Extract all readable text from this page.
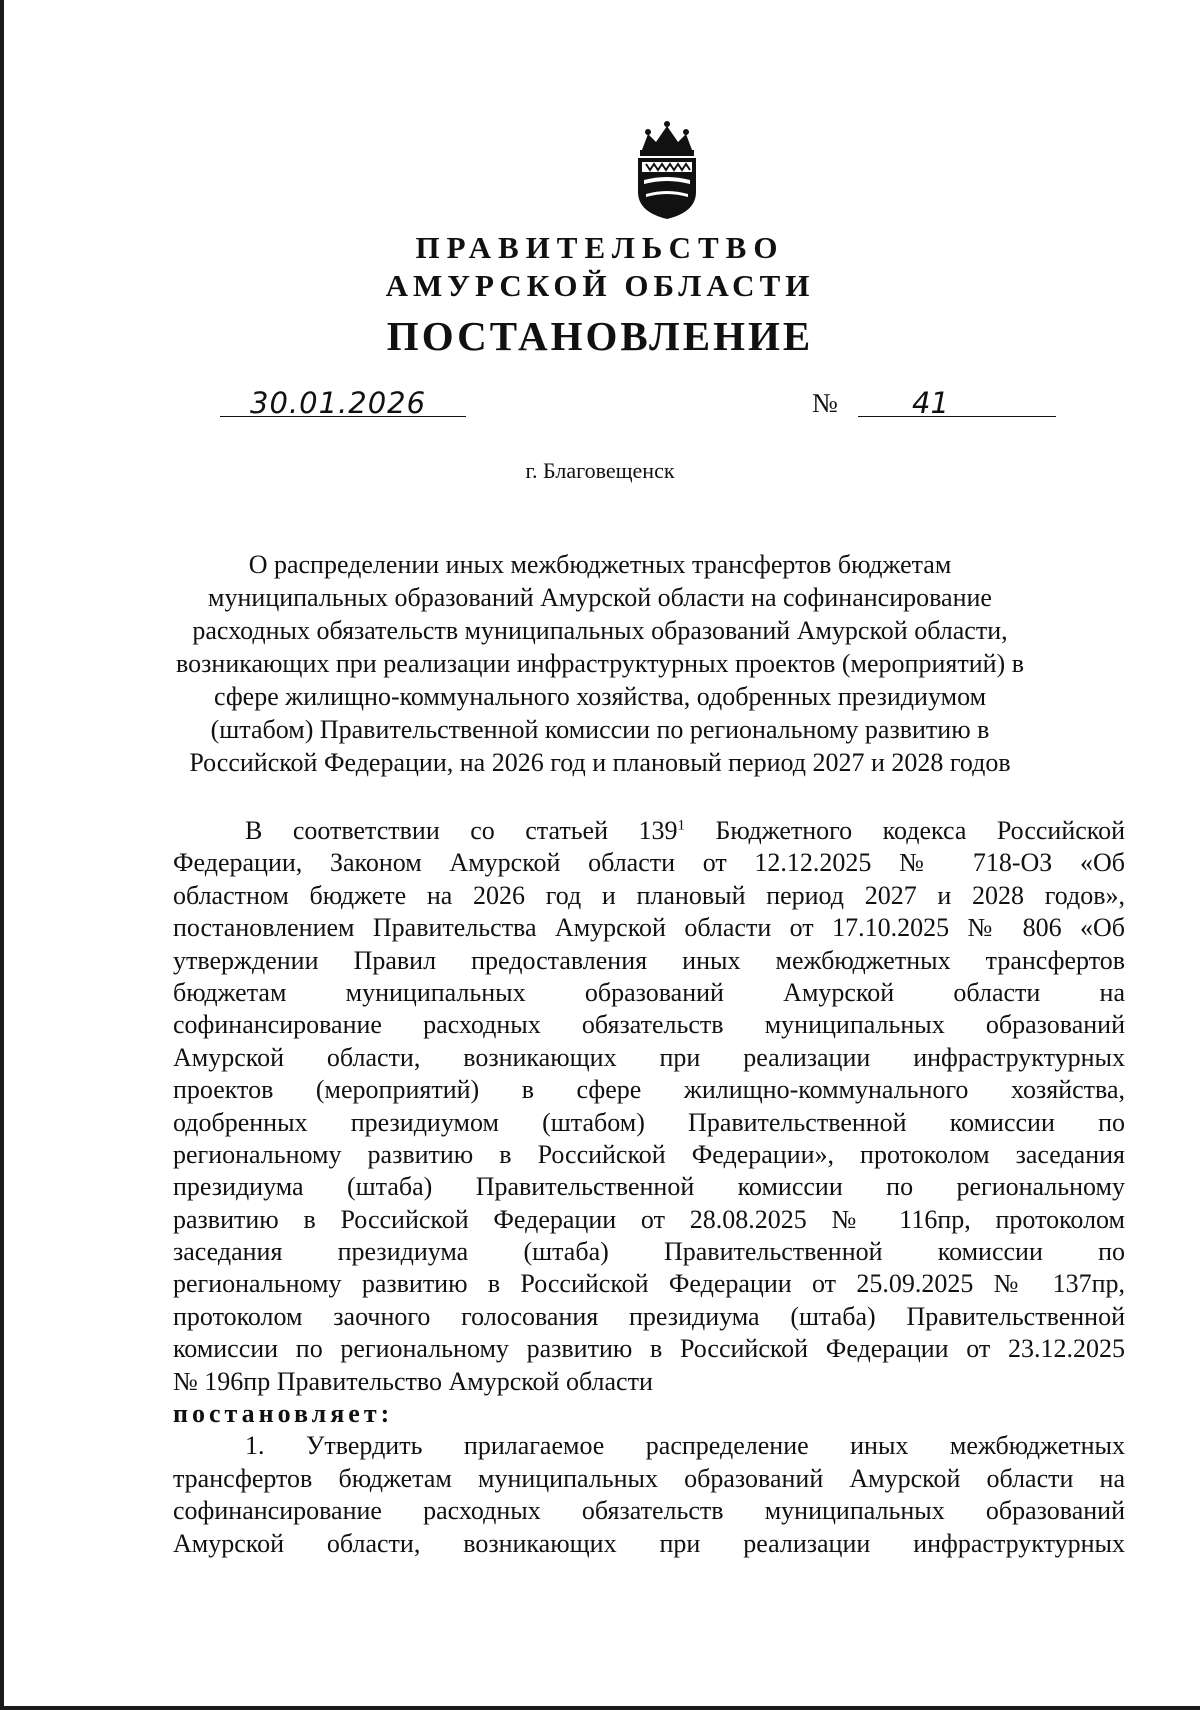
ПРАВИТЕЛЬСТВО
АМУРСКОЙ ОБЛАСТИ
ПОСТАНОВЛЕНИЕ
30.01.2026	№	41
г. Благовещенск
О распределении иных межбюджетных трансфертов бюджетам
муниципальных образований Амурской области на софинансирование
расходных обязательств муниципальных образований Амурской области,
возникающих при реализации инфраструктурных проектов (мероприятий) в
сфере жилищно-коммунального хозяйства, одобренных президиумом
(штабом) Правительственной комиссии по региональному развитию в
Российской Федерации, на 2026 год и плановый период 2027 и 2028 годов
В соответствии со статьей $139^1$ Бюджетного кодекса Российской
Федерации, Законом Амурской области от 12.12.2025 № 718-ОЗ «Об
областном бюджете на 2026 год и плановый период 2027 и 2028 годов»,
постановлением Правительства Амурской области от 17.10.2025 № 806 «Об
утверждении Правил предоставления иных межбюджетных трансфертов
бюджетам муниципальных образований Амурской области на
софинансирование расходных обязательств муниципальных образований
Амурской области, возникающих при реализации инфраструктурных
проектов (мероприятий) в сфере жилищно-коммунального хозяйства,
одобренных президиумом (штабом) Правительственной комиссии по
региональному развитию в Российской Федерации», протоколом заседания
президиума (штаба) Правительственной комиссии по региональному
развитию в Российской Федерации от 28.08.2025 № 116пр, протоколом
заседания президиума (штаба) Правительственной комиссии по
региональному развитию в Российской Федерации от 25.09.2025 № 137пр,
протоколом заочного голосования президиума (штаба) Правительственной
комиссии по региональному развитию в Российской Федерации от 23.12.2025
№ 196пр Правительство Амурской области
постановляет:
1. Утвердить прилагаемое распределение иных межбюджетных
трансфертов бюджетам муниципальных образований Амурской области на
софинансирование расходных обязательств муниципальных образований
Амурской области, возникающих при реализации инфраструктурных
